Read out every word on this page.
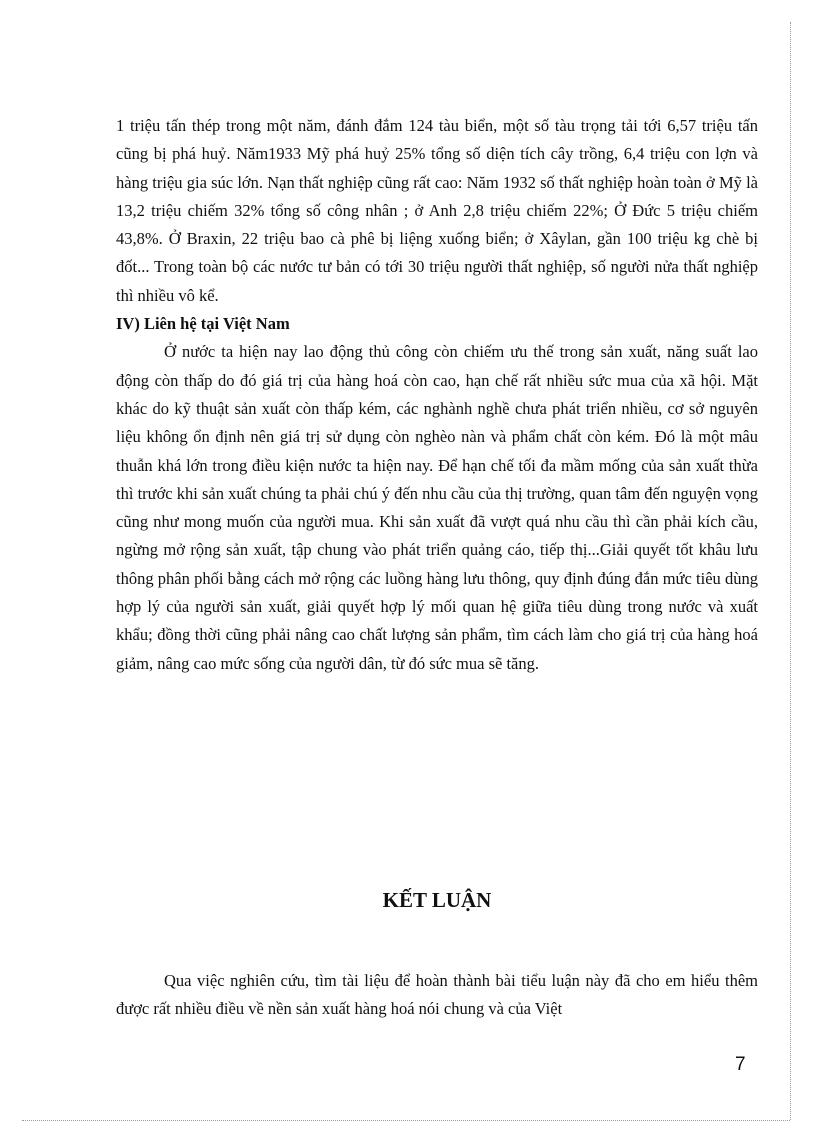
1 triệu tấn thép trong một năm, đánh đắm 124 tàu biển, một số tàu trọng tải tới 6,57 triệu tấn cũng bị phá huỷ. Năm1933 Mỹ phá huỷ 25% tổng số diện tích cây trồng, 6,4 triệu con lợn và hàng triệu gia súc lớn. Nạn thất nghiệp cũng rất cao: Năm 1932 số thất nghiệp hoàn toàn ở Mỹ là 13,2 triệu chiếm 32% tổng số công nhân ; ở Anh 2,8 triệu chiếm 22%; Ở Đức 5 triệu chiếm 43,8%. Ở Braxin, 22 triệu bao cà phê bị liệng xuống biển; ở Xâylan, gần 100 triệu kg chè bị đốt... Trong toàn bộ các nước tư bản có tới 30 triệu người thất nghiệp, số người nửa thất nghiệp thì nhiều vô kể.

IV) Liên hệ tại Việt Nam

Ở nước ta hiện nay lao động thủ công còn chiếm ưu thế trong sản xuất, năng suất lao động còn thấp do đó giá trị của hàng hoá còn cao, hạn chế rất nhiều sức mua của xã hội. Mặt khác do kỹ thuật sản xuất còn thấp kém, các nghành nghề chưa phát triển nhiều, cơ sở nguyên liệu không ổn định nên giá trị sử dụng còn nghèo nàn và phẩm chất còn kém. Đó là một mâu thuẫn khá lớn trong điều kiện nước ta hiện nay. Để hạn chế tối đa mầm mống của sản xuất thừa thì trước khi sản xuất chúng ta phải chú ý đến nhu cầu của thị trường, quan tâm đến nguyện vọng cũng như mong muốn của người mua. Khi sản xuất đã vượt quá nhu cầu thì cần phải kích cầu, ngừng mở rộng sản xuất, tập chung vào phát triển quảng cáo, tiếp thị...Giải quyết tốt khâu lưu thông phân phối bằng cách mở rộng các luồng hàng lưu thông, quy định đúng đắn mức tiêu dùng hợp lý của người sản xuất, giải quyết hợp lý mối quan hệ giữa tiêu dùng trong nước và xuất khẩu; đồng thời cũng phải nâng cao chất lượng sản phẩm, tìm cách làm cho giá trị của hàng hoá giảm, nâng cao mức sống của người dân, từ đó sức mua sẽ tăng.

KẾT LUẬN

Qua việc nghiên cứu, tìm tài liệu để hoàn thành bài tiểu luận này đã cho em hiểu thêm được rất nhiều điều về nền sản xuất hàng hoá nói chung và của Việt

7
